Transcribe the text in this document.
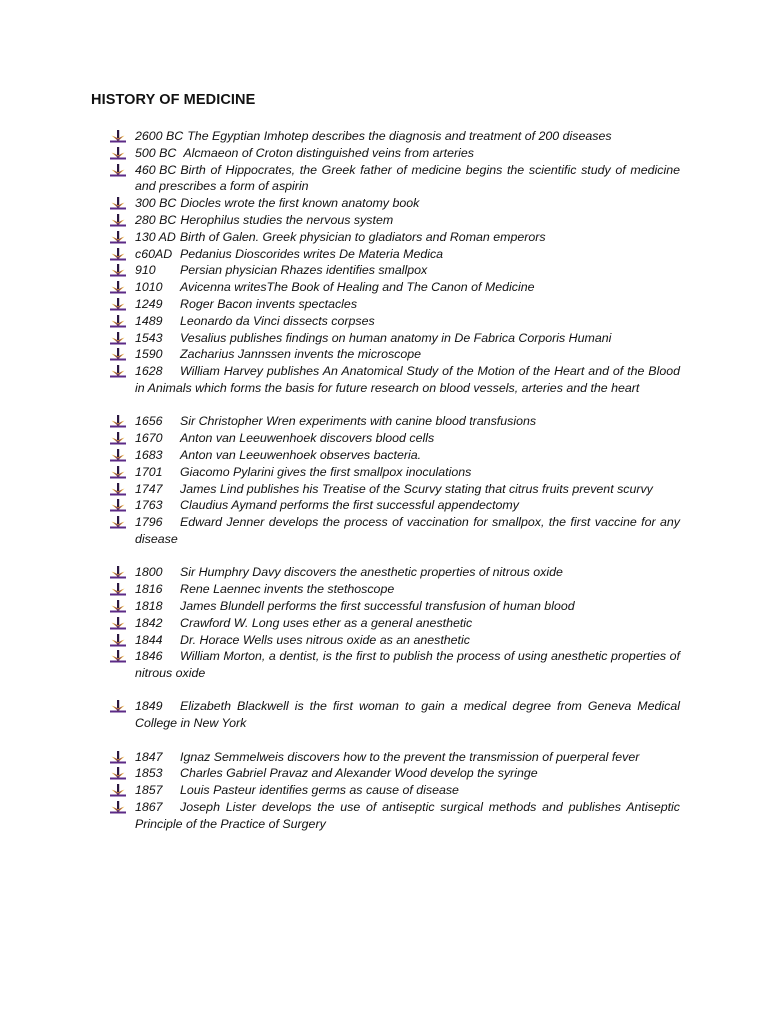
HISTORY OF MEDICINE
2600 BC The Egyptian Imhotep describes the diagnosis and treatment of 200 diseases
500 BC Alcmaeon of Croton distinguished veins from arteries
460 BC Birth of Hippocrates, the Greek father of medicine begins the scientific study of medicine and prescribes a form of aspirin
300 BC Diocles wrote the first known anatomy book
280 BC Herophilus studies the nervous system
130 AD Birth of Galen. Greek physician to gladiators and Roman emperors
c60AD Pedanius Dioscorides writes De Materia Medica
910 Persian physician Rhazes identifies smallpox
1010 Avicenna writesThe Book of Healing and The Canon of Medicine
1249 Roger Bacon invents spectacles
1489 Leonardo da Vinci dissects corpses
1543 Vesalius publishes findings on human anatomy in De Fabrica Corporis Humani
1590 Zacharius Jannssen invents the microscope
1628 William Harvey publishes An Anatomical Study of the Motion of the Heart and of the Blood in Animals which forms the basis for future research on blood vessels, arteries and the heart
1656 Sir Christopher Wren experiments with canine blood transfusions
1670 Anton van Leeuwenhoek discovers blood cells
1683 Anton van Leeuwenhoek observes bacteria.
1701 Giacomo Pylarini gives the first smallpox inoculations
1747 James Lind publishes his Treatise of the Scurvy stating that citrus fruits prevent scurvy
1763 Claudius Aymand performs the first successful appendectomy
1796 Edward Jenner develops the process of vaccination for smallpox, the first vaccine for any disease
1800 Sir Humphry Davy discovers the anesthetic properties of nitrous oxide
1816 Rene Laennec invents the stethoscope
1818 James Blundell performs the first successful transfusion of human blood
1842 Crawford W. Long uses ether as a general anesthetic
1844 Dr. Horace Wells uses nitrous oxide as an anesthetic
1846 William Morton, a dentist, is the first to publish the process of using anesthetic properties of nitrous oxide
1849 Elizabeth Blackwell is the first woman to gain a medical degree from Geneva Medical College in New York
1847 Ignaz Semmelweis discovers how to the prevent the transmission of puerperal fever
1853 Charles Gabriel Pravaz and Alexander Wood develop the syringe
1857 Louis Pasteur identifies germs as cause of disease
1867 Joseph Lister develops the use of antiseptic surgical methods and publishes Antiseptic Principle of the Practice of Surgery
